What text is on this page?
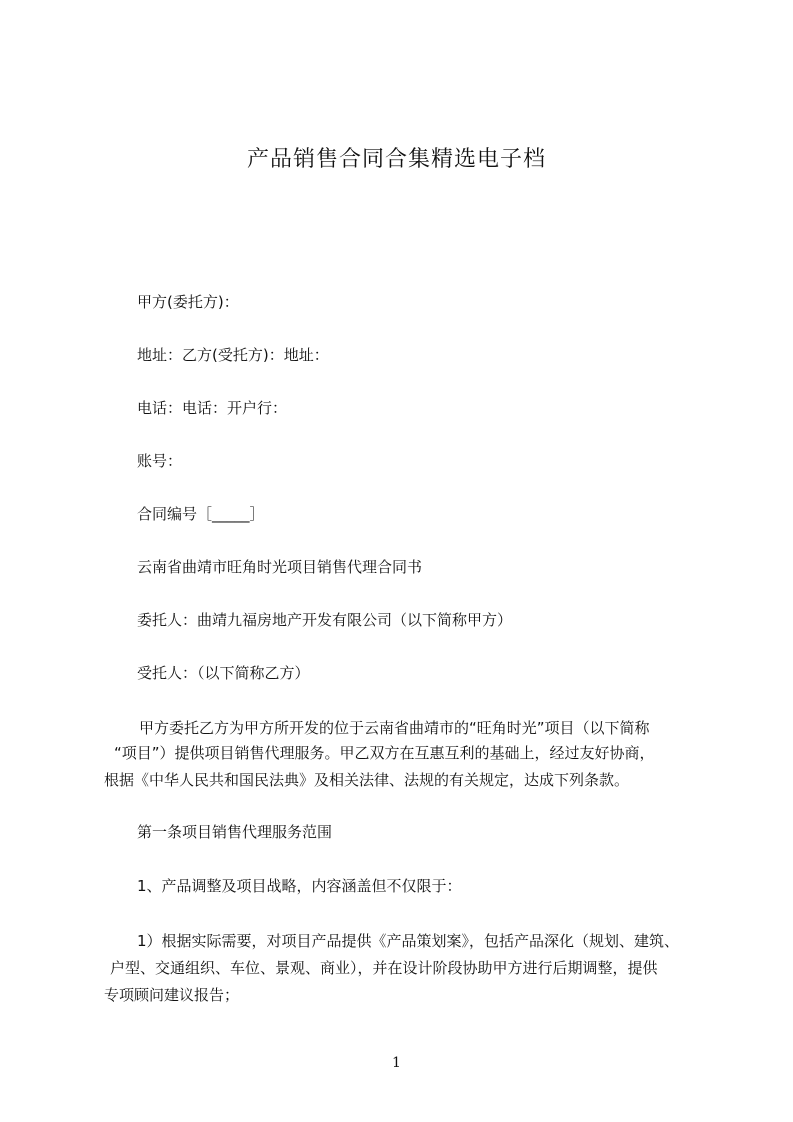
产品销售合同合集精选电子档
甲方(委托方)：
地址：乙方(受托方)：地址：
电话：电话：开户行：
账号：
合同编号［_____］
云南省曲靖市旺角时光项目销售代理合同书
委托人：曲靖九福房地产开发有限公司（以下简称甲方）
受托人：（以下简称乙方）
甲方委托乙方为甲方所开发的位于云南省曲靖市的“旺角时光”项目（以下简称
“项目”）提供项目销售代理服务。甲乙双方在互惠互利的基础上，经过友好协商，
根据《中华人民共和国民法典》及相关法律、法规的有关规定，达成下列条款。
第一条项目销售代理服务范围
1、产品调整及项目战略，内容涵盖但不仅限于：
1）根据实际需要，对项目产品提供《产品策划案》，包括产品深化（规划、建筑、
户型、交通组织、车位、景观、商业），并在设计阶段协助甲方进行后期调整，提供
专项顾问建议报告；
1
